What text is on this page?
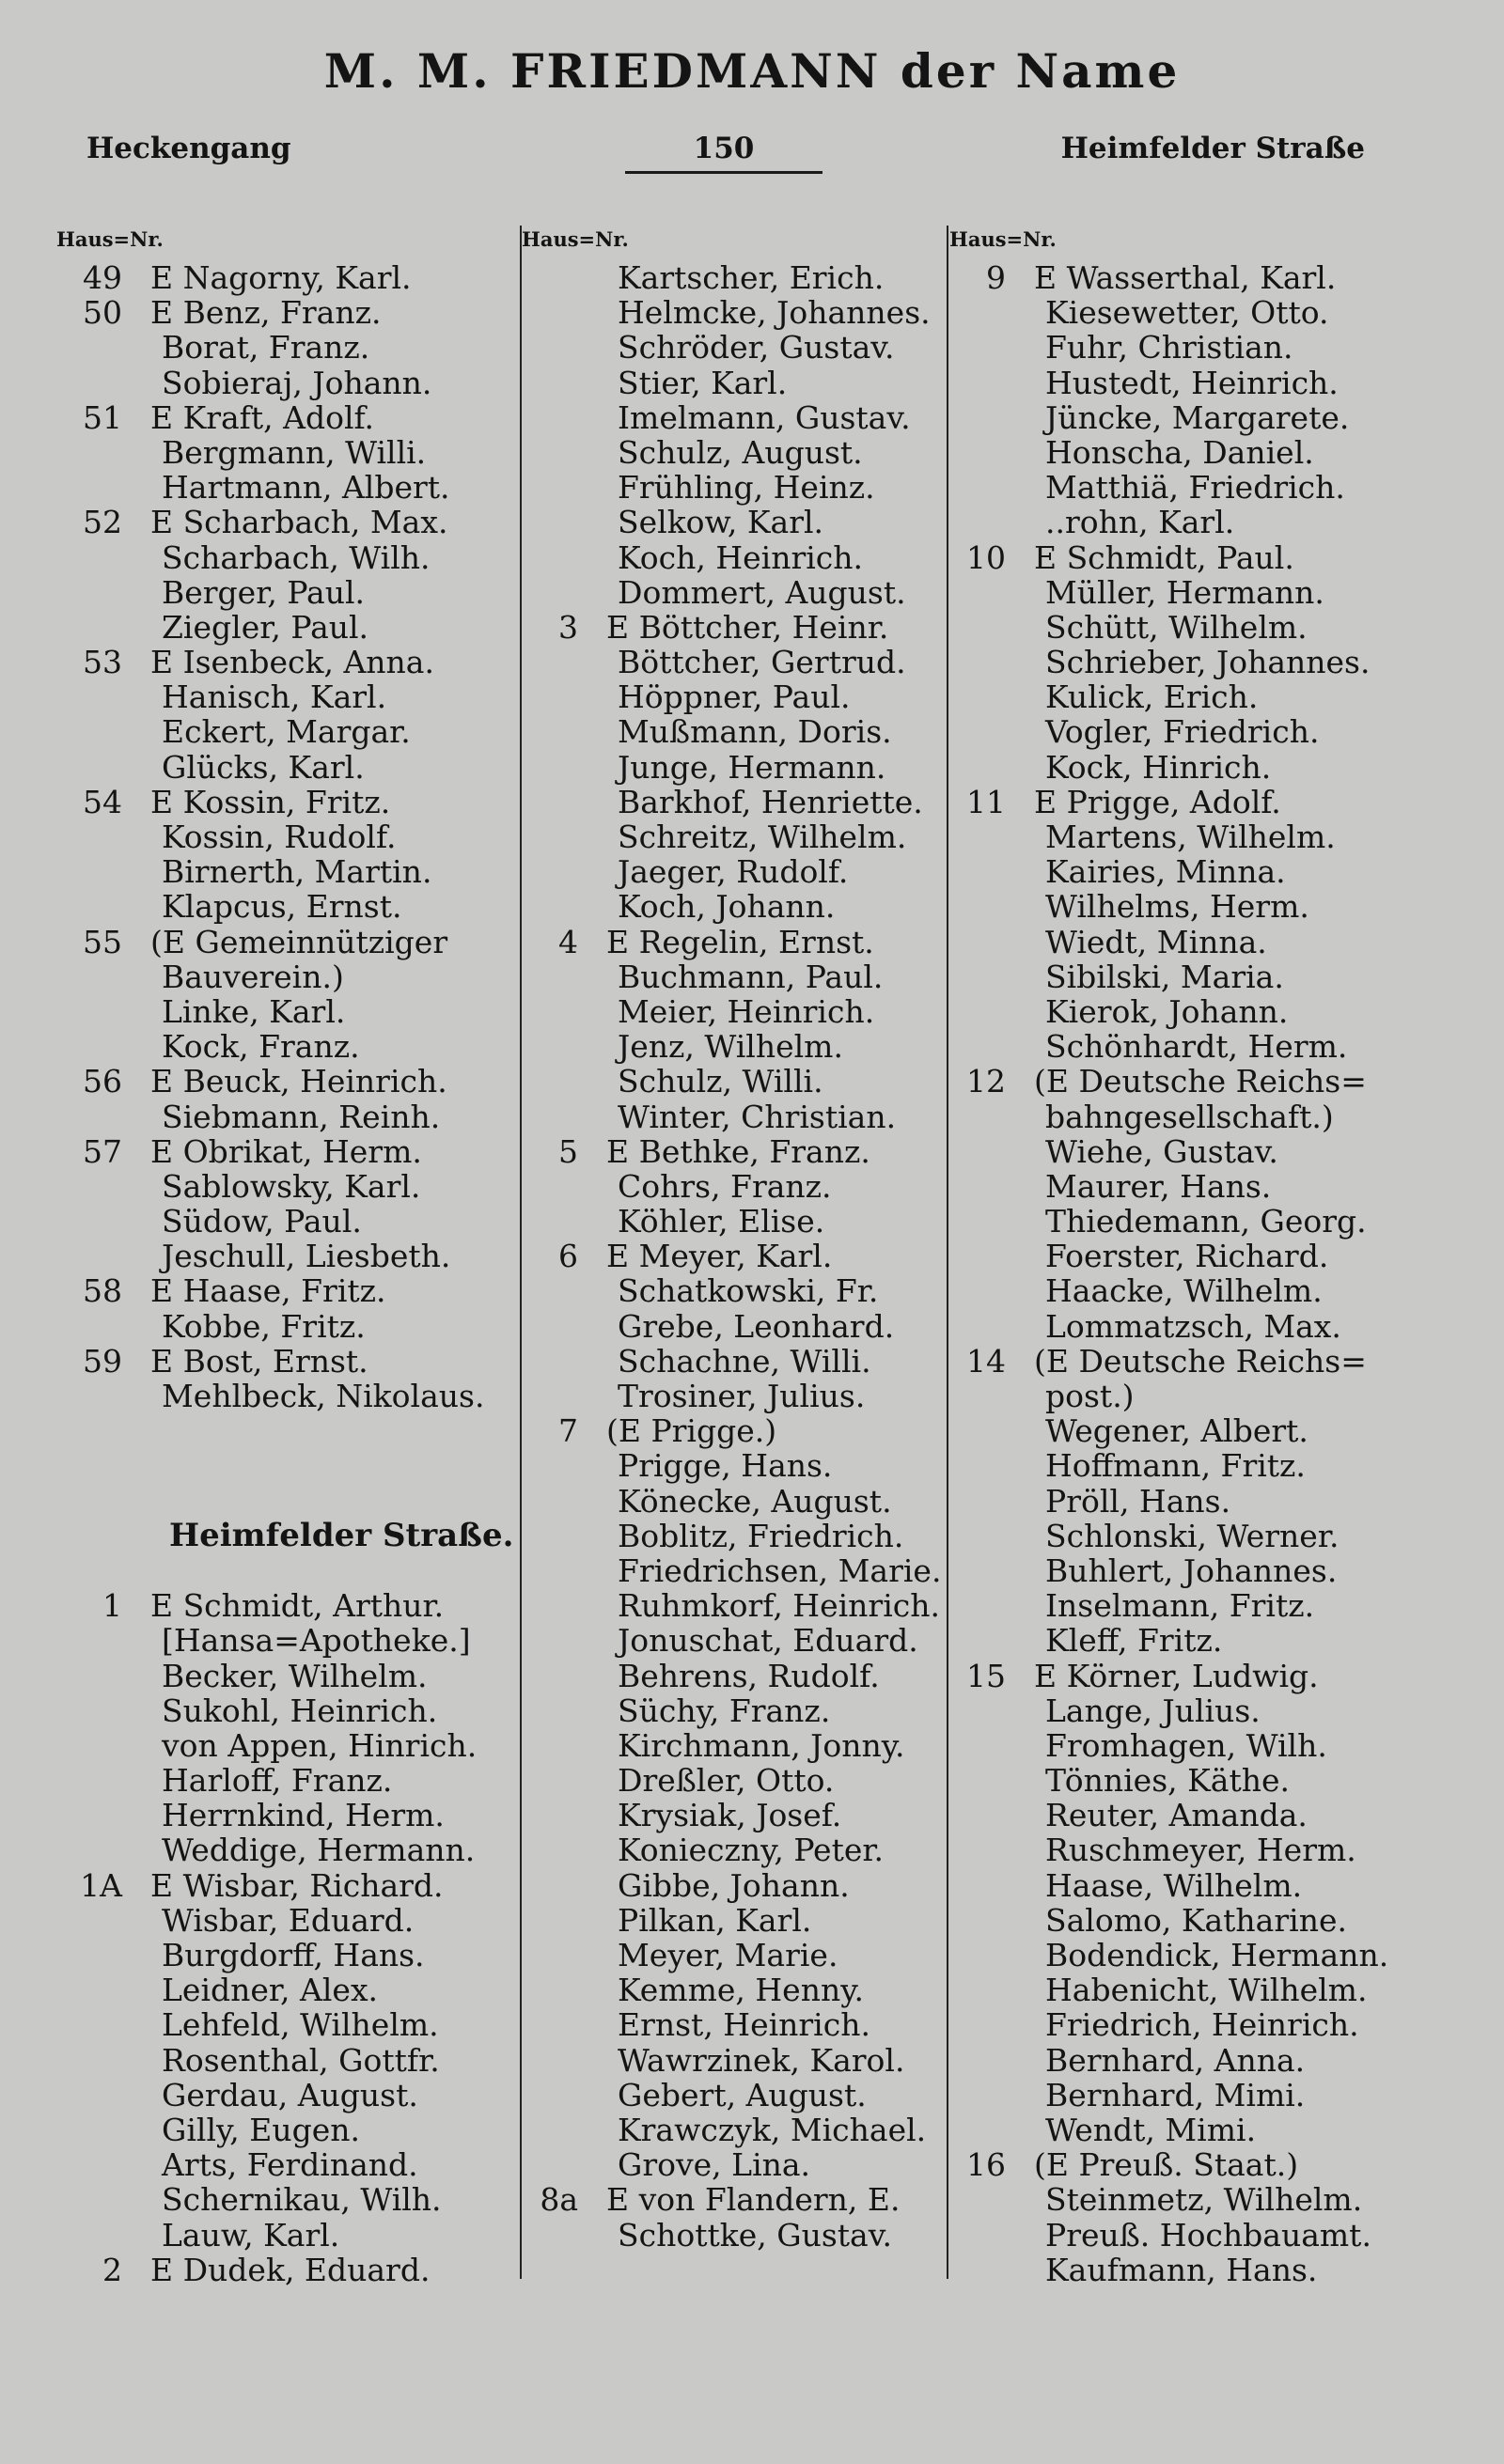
M. M. FRIEDMANN der Name
Heckengang	150	Heimfelder Straße
Haus=Nr.
49 E Nagorny, Karl.
50 E Benz, Franz.
Borat, Franz.
Sobieraj, Johann.
51 E Kraft, Adolf.
Bergmann, Willi.
Hartmann, Albert.
52 E Scharbach, Max.
Scharbach, Wilh.
Berger, Paul.
Ziegler, Paul.
53 E Isenbeck, Anna.
Hanisch, Karl.
Eckert, Margar.
Glücks, Karl.
54 E Kossin, Fritz.
Kossin, Rudolf.
Birnerth, Martin.
Klapcus, Ernst.
55 (E Gemeinnütziger
Bauverein.)
Linke, Karl.
Kock, Franz.
56 E Beuck, Heinrich.
Siebmann, Reinh.
57 E Obrikat, Herm.
Sablowsky, Karl.
Südow, Paul.
Jeschull, Liesbeth.
58 E Haase, Fritz.
Kobbe, Fritz.
59 E Bost, Ernst.
Mehlbeck, Nikolaus.
Heimfelder Straße.
1 E Schmidt, Arthur.
[Hansa=Apotheke.]
Becker, Wilhelm.
Sukohl, Heinrich.
von Appen, Hinrich.
Harloff, Franz.
Herrnkind, Herm.
Weddige, Hermann.
1A E Wisbar, Richard.
Wisbar, Eduard.
Burgdorff, Hans.
Leidner, Alex.
Lehfeld, Wilhelm.
Rosenthal, Gottfr.
Gerdau, August.
Gilly, Eugen.
Arts, Ferdinand.
Schernikau, Wilh.
Lauw, Karl.
2 E Dudek, Eduard.
Haus=Nr.
Kartscher, Erich.
Helmcke, Johannes.
Schröder, Gustav.
Stier, Karl.
Imelmann, Gustav.
Schulz, August.
Frühling, Heinz.
Selkow, Karl.
Koch, Heinrich.
Dommert, August.
3 E Böttcher, Heinr.
Böttcher, Gertrud.
Höppner, Paul.
Mußmann, Doris.
Junge, Hermann.
Barkhof, Henriette.
Schreitz, Wilhelm.
Jaeger, Rudolf.
Koch, Johann.
4 E Regelin, Ernst.
Buchmann, Paul.
Meier, Heinrich.
Jenz, Wilhelm.
Schulz, Willi.
Winter, Christian.
5 E Bethke, Franz.
Cohrs, Franz.
Köhler, Elise.
6 E Meyer, Karl.
Schatkowski, Fr.
Grebe, Leonhard.
Schachne, Willi.
Trosiner, Julius.
7 (E Prigge.)
Prigge, Hans.
Könecke, August.
Boblitz, Friedrich.
Friedrichsen, Marie.
Ruhmkorf, Heinrich.
Jonuschat, Eduard.
Behrens, Rudolf.
Süchy, Franz.
Kirchmann, Jonny.
Dreßler, Otto.
Krysiak, Josef.
Konieczny, Peter.
Gibbe, Johann.
Pilkan, Karl.
Meyer, Marie.
Kemme, Henny.
Ernst, Heinrich.
Wawrzinek, Karol.
Gebert, August.
Krawczyk, Michael.
Grove, Lina.
8a E von Flandern, E.
Schottke, Gustav.
Haus=Nr.
9 E Wasserthal, Karl.
Kiesewetter, Otto.
Fuhr, Christian.
Hustedt, Heinrich.
Jüncke, Margarete.
Honscha, Daniel.
Matthiä, Friedrich.
..rohn, Karl.
10 E Schmidt, Paul.
Müller, Hermann.
Schütt, Wilhelm.
Schrieber, Johannes.
Kulick, Erich.
Vogler, Friedrich.
Kock, Hinrich.
11 E Prigge, Adolf.
Martens, Wilhelm.
Kairies, Minna.
Wilhelms, Herm.
Wiedt, Minna.
Sibilski, Maria.
Kierok, Johann.
Schönhardt, Herm.
12 (E Deutsche Reichs=
bahngesellschaft.)
Wiehe, Gustav.
Maurer, Hans.
Thiedemann, Georg.
Foerster, Richard.
Haacke, Wilhelm.
Lommatzsch, Max.
14 (E Deutsche Reichs=
post.)
Wegener, Albert.
Hoffmann, Fritz.
Pröll, Hans.
Schlonski, Werner.
Buhlert, Johannes.
Inselmann, Fritz.
Kleff, Fritz.
15 E Körner, Ludwig.
Lange, Julius.
Fromhagen, Wilh.
Tönnies, Käthe.
Reuter, Amanda.
Ruschmeyer, Herm.
Haase, Wilhelm.
Salomo, Katharine.
Bodendick, Hermann.
Habenicht, Wilhelm.
Friedrich, Heinrich.
Bernhard, Anna.
Bernhard, Mimi.
Wendt, Mimi.
16 (E Preuß. Staat.)
Steinmetz, Wilhelm.
Preuß. Hochbauamt.
Kaufmann, Hans.
